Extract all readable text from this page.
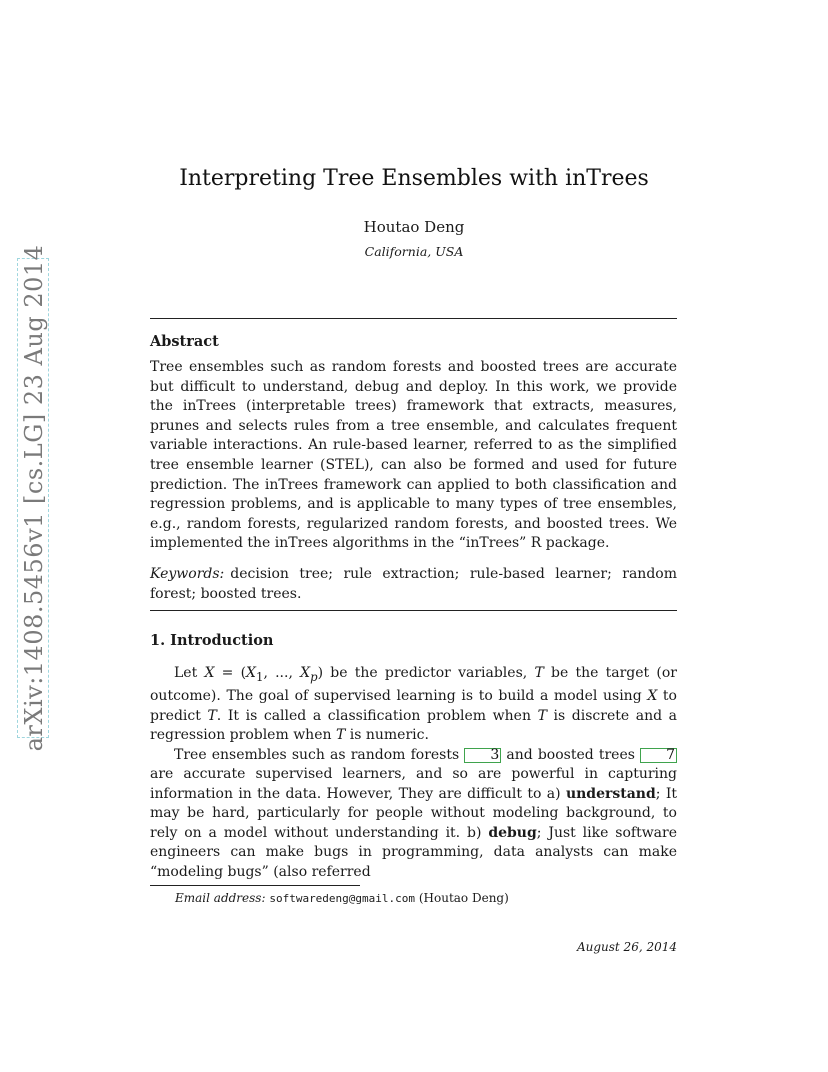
arXiv:1408.5456v1 [cs.LG] 23 Aug 2014
Interpreting Tree Ensembles with inTrees
Houtao Deng
California, USA
Abstract
Tree ensembles such as random forests and boosted trees are accurate but difficult to understand, debug and deploy. In this work, we provide the inTrees (interpretable trees) framework that extracts, measures, prunes and selects rules from a tree ensemble, and calculates frequent variable interactions. An rule-based learner, referred to as the simplified tree ensemble learner (STEL), can also be formed and used for future prediction. The inTrees framework can applied to both classification and regression problems, and is applicable to many types of tree ensembles, e.g., random forests, regularized random forests, and boosted trees. We implemented the inTrees algorithms in the “inTrees” R package.
Keywords: decision tree; rule extraction; rule-based learner; random forest; boosted trees.
1. Introduction

Let $X = (X_1$, ..., $X_p$) be the predictor variables, T be the target (or outcome). The goal of supervised learning is to build a model using X to predict T. It is called a classification problem when T is discrete and a regression problem when T is numeric.

Tree ensembles such as random forests 3 and boosted trees 7 are accurate supervised learners, and so are powerful in capturing information in the data. However, They are difficult to a) understand; It may be hard, particularly for people without modeling background, to rely on a model without understanding it. b) debug; Just like software engineers can make bugs in programming, data analysts can make “modeling bugs” (also referred

Email address: softwaredeng@gmail.com (Houtao Deng)
August 26, 2014
